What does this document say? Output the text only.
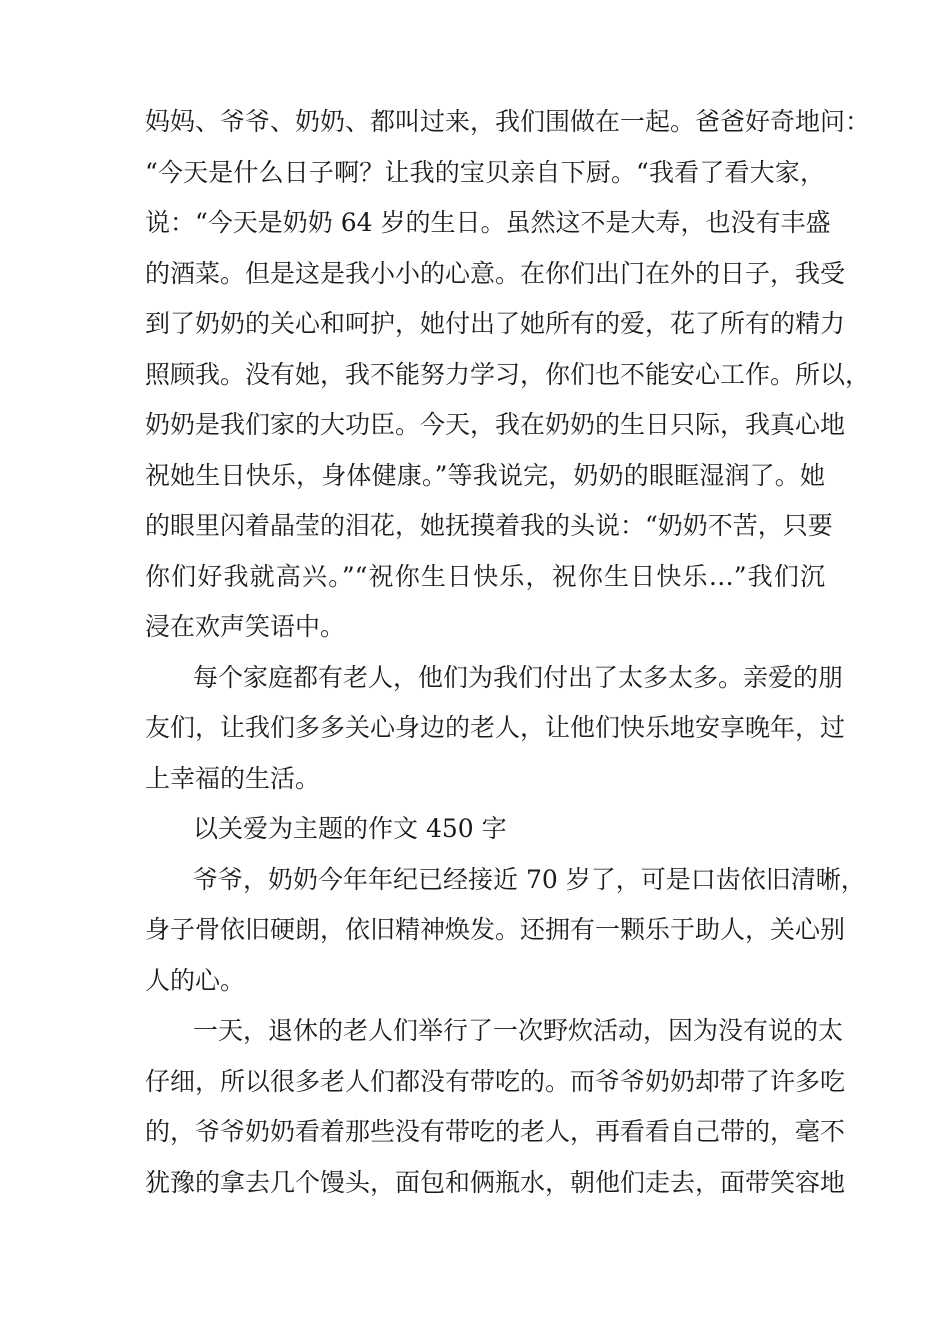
妈妈、爷爷、奶奶、都叫过来，我们围做在一起。爸爸好奇地问：
“今天是什么日子啊？让我的宝贝亲自下厨。“我看了看大家，
说：“今天是奶奶 64 岁的生日。虽然这不是大寿，也没有丰盛
的酒菜。但是这是我小小的心意。在你们出门在外的日子，我受
到了奶奶的关心和呵护，她付出了她所有的爱，花了所有的精力
照顾我。没有她，我不能努力学习，你们也不能安心工作。所以，
奶奶是我们家的大功臣。今天，我在奶奶的生日只际，我真心地
祝她生日快乐，身体健康。”等我说完，奶奶的眼眶湿润了。她
的眼里闪着晶莹的泪花，她抚摸着我的头说：“奶奶不苦，只要
你们好我就高兴。”“祝你生日快乐，祝你生日快乐…”我们沉
浸在欢声笑语中。
每个家庭都有老人，他们为我们付出了太多太多。亲爱的朋
友们，让我们多多关心身边的老人，让他们快乐地安享晚年，过
上幸福的生活。
以关爱为主题的作文 450 字
爷爷，奶奶今年年纪已经接近 70 岁了，可是口齿依旧清晰，
身子骨依旧硬朗，依旧精神焕发。还拥有一颗乐于助人，关心别
人的心。
一天，退休的老人们举行了一次野炊活动，因为没有说的太
仔细，所以很多老人们都没有带吃的。而爷爷奶奶却带了许多吃
的，爷爷奶奶看着那些没有带吃的老人，再看看自己带的，毫不
犹豫的拿去几个馒头，面包和俩瓶水，朝他们走去，面带笑容地
